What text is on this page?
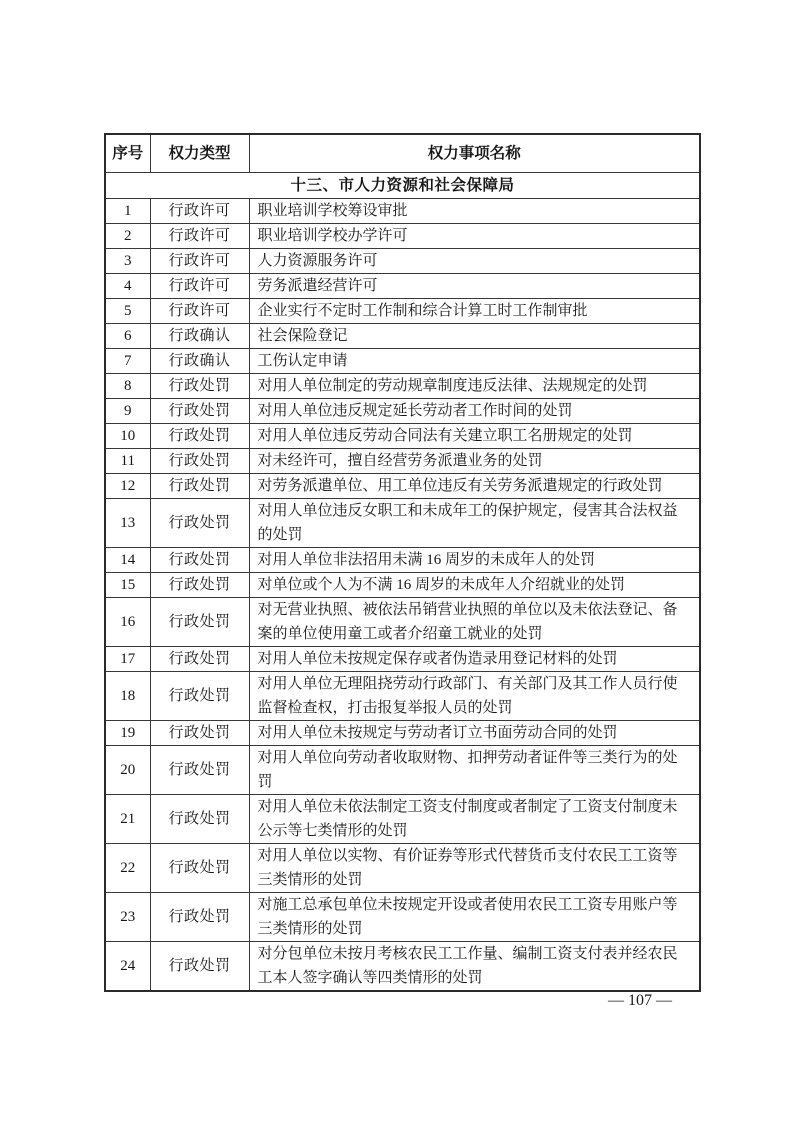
序号	权力类型	权力事项名称
十三、市人力资源和社会保障局		
1	行政许可	职业培训学校筹设审批
2	行政许可	职业培训学校办学许可
3	行政许可	人力资源服务许可
4	行政许可	劳务派遣经营许可
5	行政许可	企业实行不定时工作制和综合计算工时工作制审批
6	行政确认	社会保险登记
7	行政确认	工伤认定申请
8	行政处罚	对用人单位制定的劳动规章制度违反法律、法规规定的处罚
9	行政处罚	对用人单位违反规定延长劳动者工作时间的处罚
10	行政处罚	对用人单位违反劳动合同法有关建立职工名册规定的处罚
11	行政处罚	对未经许可，擅自经营劳务派遣业务的处罚
12	行政处罚	对劳务派遣单位、用工单位违反有关劳务派遣规定的行政处罚
13	行政处罚	对用人单位违反女职工和未成年工的保护规定，侵害其合法权益的处罚
14	行政处罚	对用人单位非法招用未满 16 周岁的未成年人的处罚
15	行政处罚	对单位或个人为不满 16 周岁的未成年人介绍就业的处罚
16	行政处罚	对无营业执照、被依法吊销营业执照的单位以及未依法登记、备案的单位使用童工或者介绍童工就业的处罚
17	行政处罚	对用人单位未按规定保存或者伪造录用登记材料的处罚
18	行政处罚	对用人单位无理阻挠劳动行政部门、有关部门及其工作人员行使监督检查权，打击报复举报人员的处罚
19	行政处罚	对用人单位未按规定与劳动者订立书面劳动合同的处罚
20	行政处罚	对用人单位向劳动者收取财物、扣押劳动者证件等三类行为的处罚
21	行政处罚	对用人单位未依法制定工资支付制度或者制定了工资支付制度未公示等七类情形的处罚
22	行政处罚	对用人单位以实物、有价证券等形式代替货币支付农民工工资等三类情形的处罚
23	行政处罚	对施工总承包单位未按规定开设或者使用农民工工资专用账户等三类情形的处罚
24	行政处罚	对分包单位未按月考核农民工工作量、编制工资支付表并经农民工本人签字确认等四类情形的处罚
— 107 —
